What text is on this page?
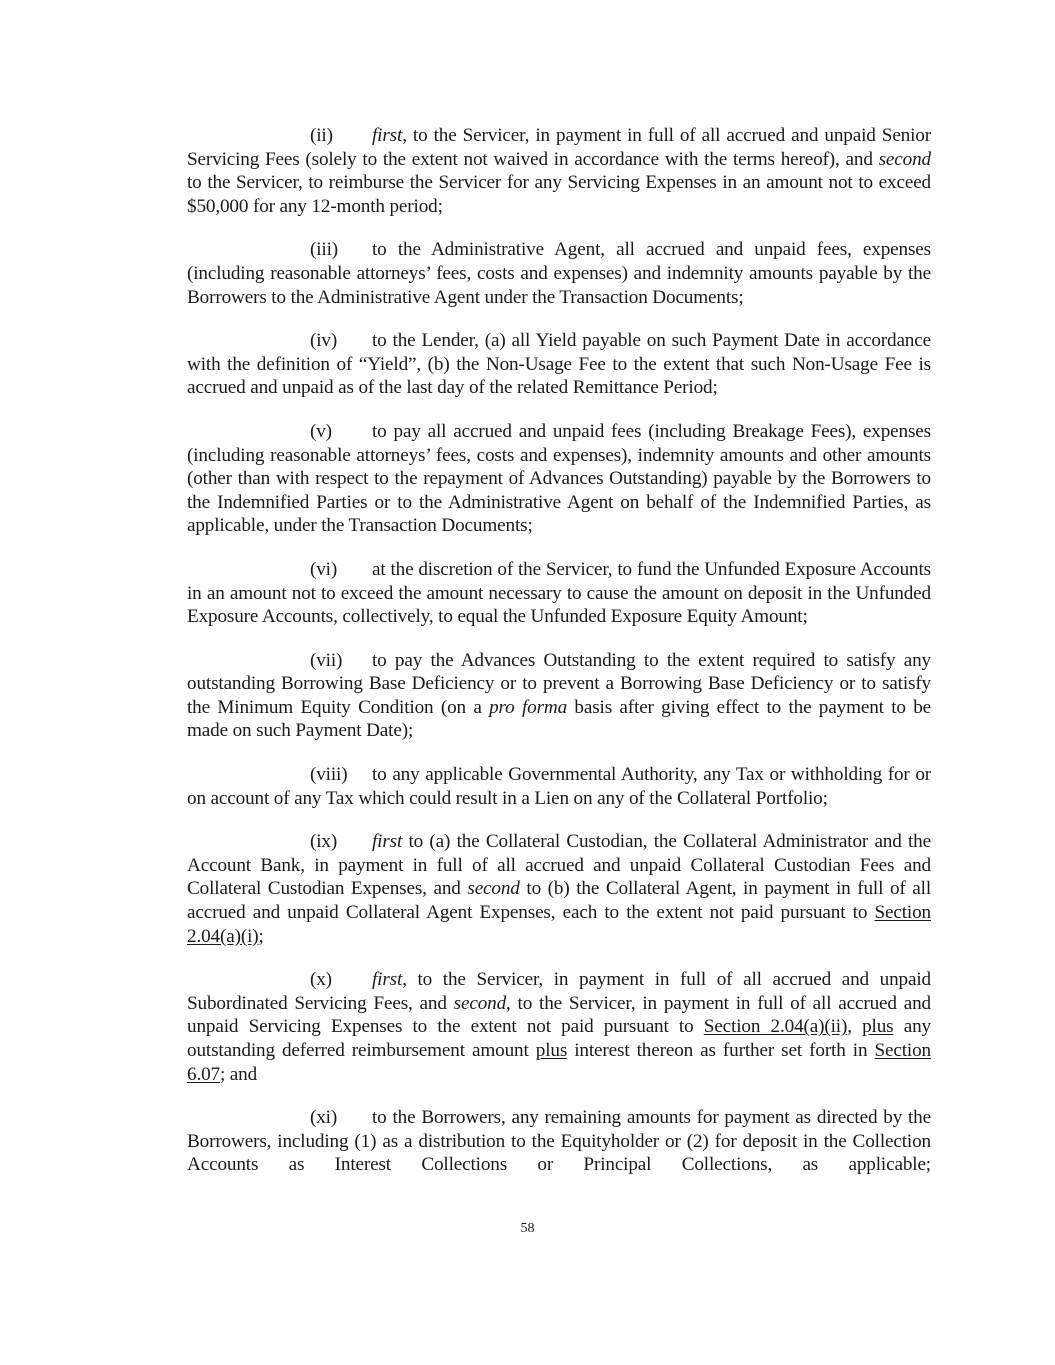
(ii) first, to the Servicer, in payment in full of all accrued and unpaid Senior Servicing Fees (solely to the extent not waived in accordance with the terms hereof), and second to the Servicer, to reimburse the Servicer for any Servicing Expenses in an amount not to exceed $50,000 for any 12-month period;

(iii) to the Administrative Agent, all accrued and unpaid fees, expenses (including reasonable attorneys’ fees, costs and expenses) and indemnity amounts payable by the Borrowers to the Administrative Agent under the Transaction Documents;

(iv) to the Lender, (a) all Yield payable on such Payment Date in accordance with the definition of “Yield”, (b) the Non-Usage Fee to the extent that such Non-Usage Fee is accrued and unpaid as of the last day of the related Remittance Period;

(v) to pay all accrued and unpaid fees (including Breakage Fees), expenses (including reasonable attorneys’ fees, costs and expenses), indemnity amounts and other amounts (other than with respect to the repayment of Advances Outstanding) payable by the Borrowers to the Indemnified Parties or to the Administrative Agent on behalf of the Indemnified Parties, as applicable, under the Transaction Documents;

(vi) at the discretion of the Servicer, to fund the Unfunded Exposure Accounts in an amount not to exceed the amount necessary to cause the amount on deposit in the Unfunded Exposure Accounts, collectively, to equal the Unfunded Exposure Equity Amount;

(vii) to pay the Advances Outstanding to the extent required to satisfy any outstanding Borrowing Base Deficiency or to prevent a Borrowing Base Deficiency or to satisfy the Minimum Equity Condition (on a pro forma basis after giving effect to the payment to be made on such Payment Date);

(viii) to any applicable Governmental Authority, any Tax or withholding for or on account of any Tax which could result in a Lien on any of the Collateral Portfolio;

(ix) first to (a) the Collateral Custodian, the Collateral Administrator and the Account Bank, in payment in full of all accrued and unpaid Collateral Custodian Fees and Collateral Custodian Expenses, and second to (b) the Collateral Agent, in payment in full of all accrued and unpaid Collateral Agent Expenses, each to the extent not paid pursuant to Section 2.04(a)(i);

(x) first, to the Servicer, in payment in full of all accrued and unpaid Subordinated Servicing Fees, and second, to the Servicer, in payment in full of all accrued and unpaid Servicing Expenses to the extent not paid pursuant to Section 2.04(a)(ii), plus any outstanding deferred reimbursement amount plus interest thereon as further set forth in Section 6.07; and

(xi) to the Borrowers, any remaining amounts for payment as directed by the Borrowers, including (1) as a distribution to the Equityholder or (2) for deposit in the Collection Accounts as Interest Collections or Principal Collections, as applicable;

58
